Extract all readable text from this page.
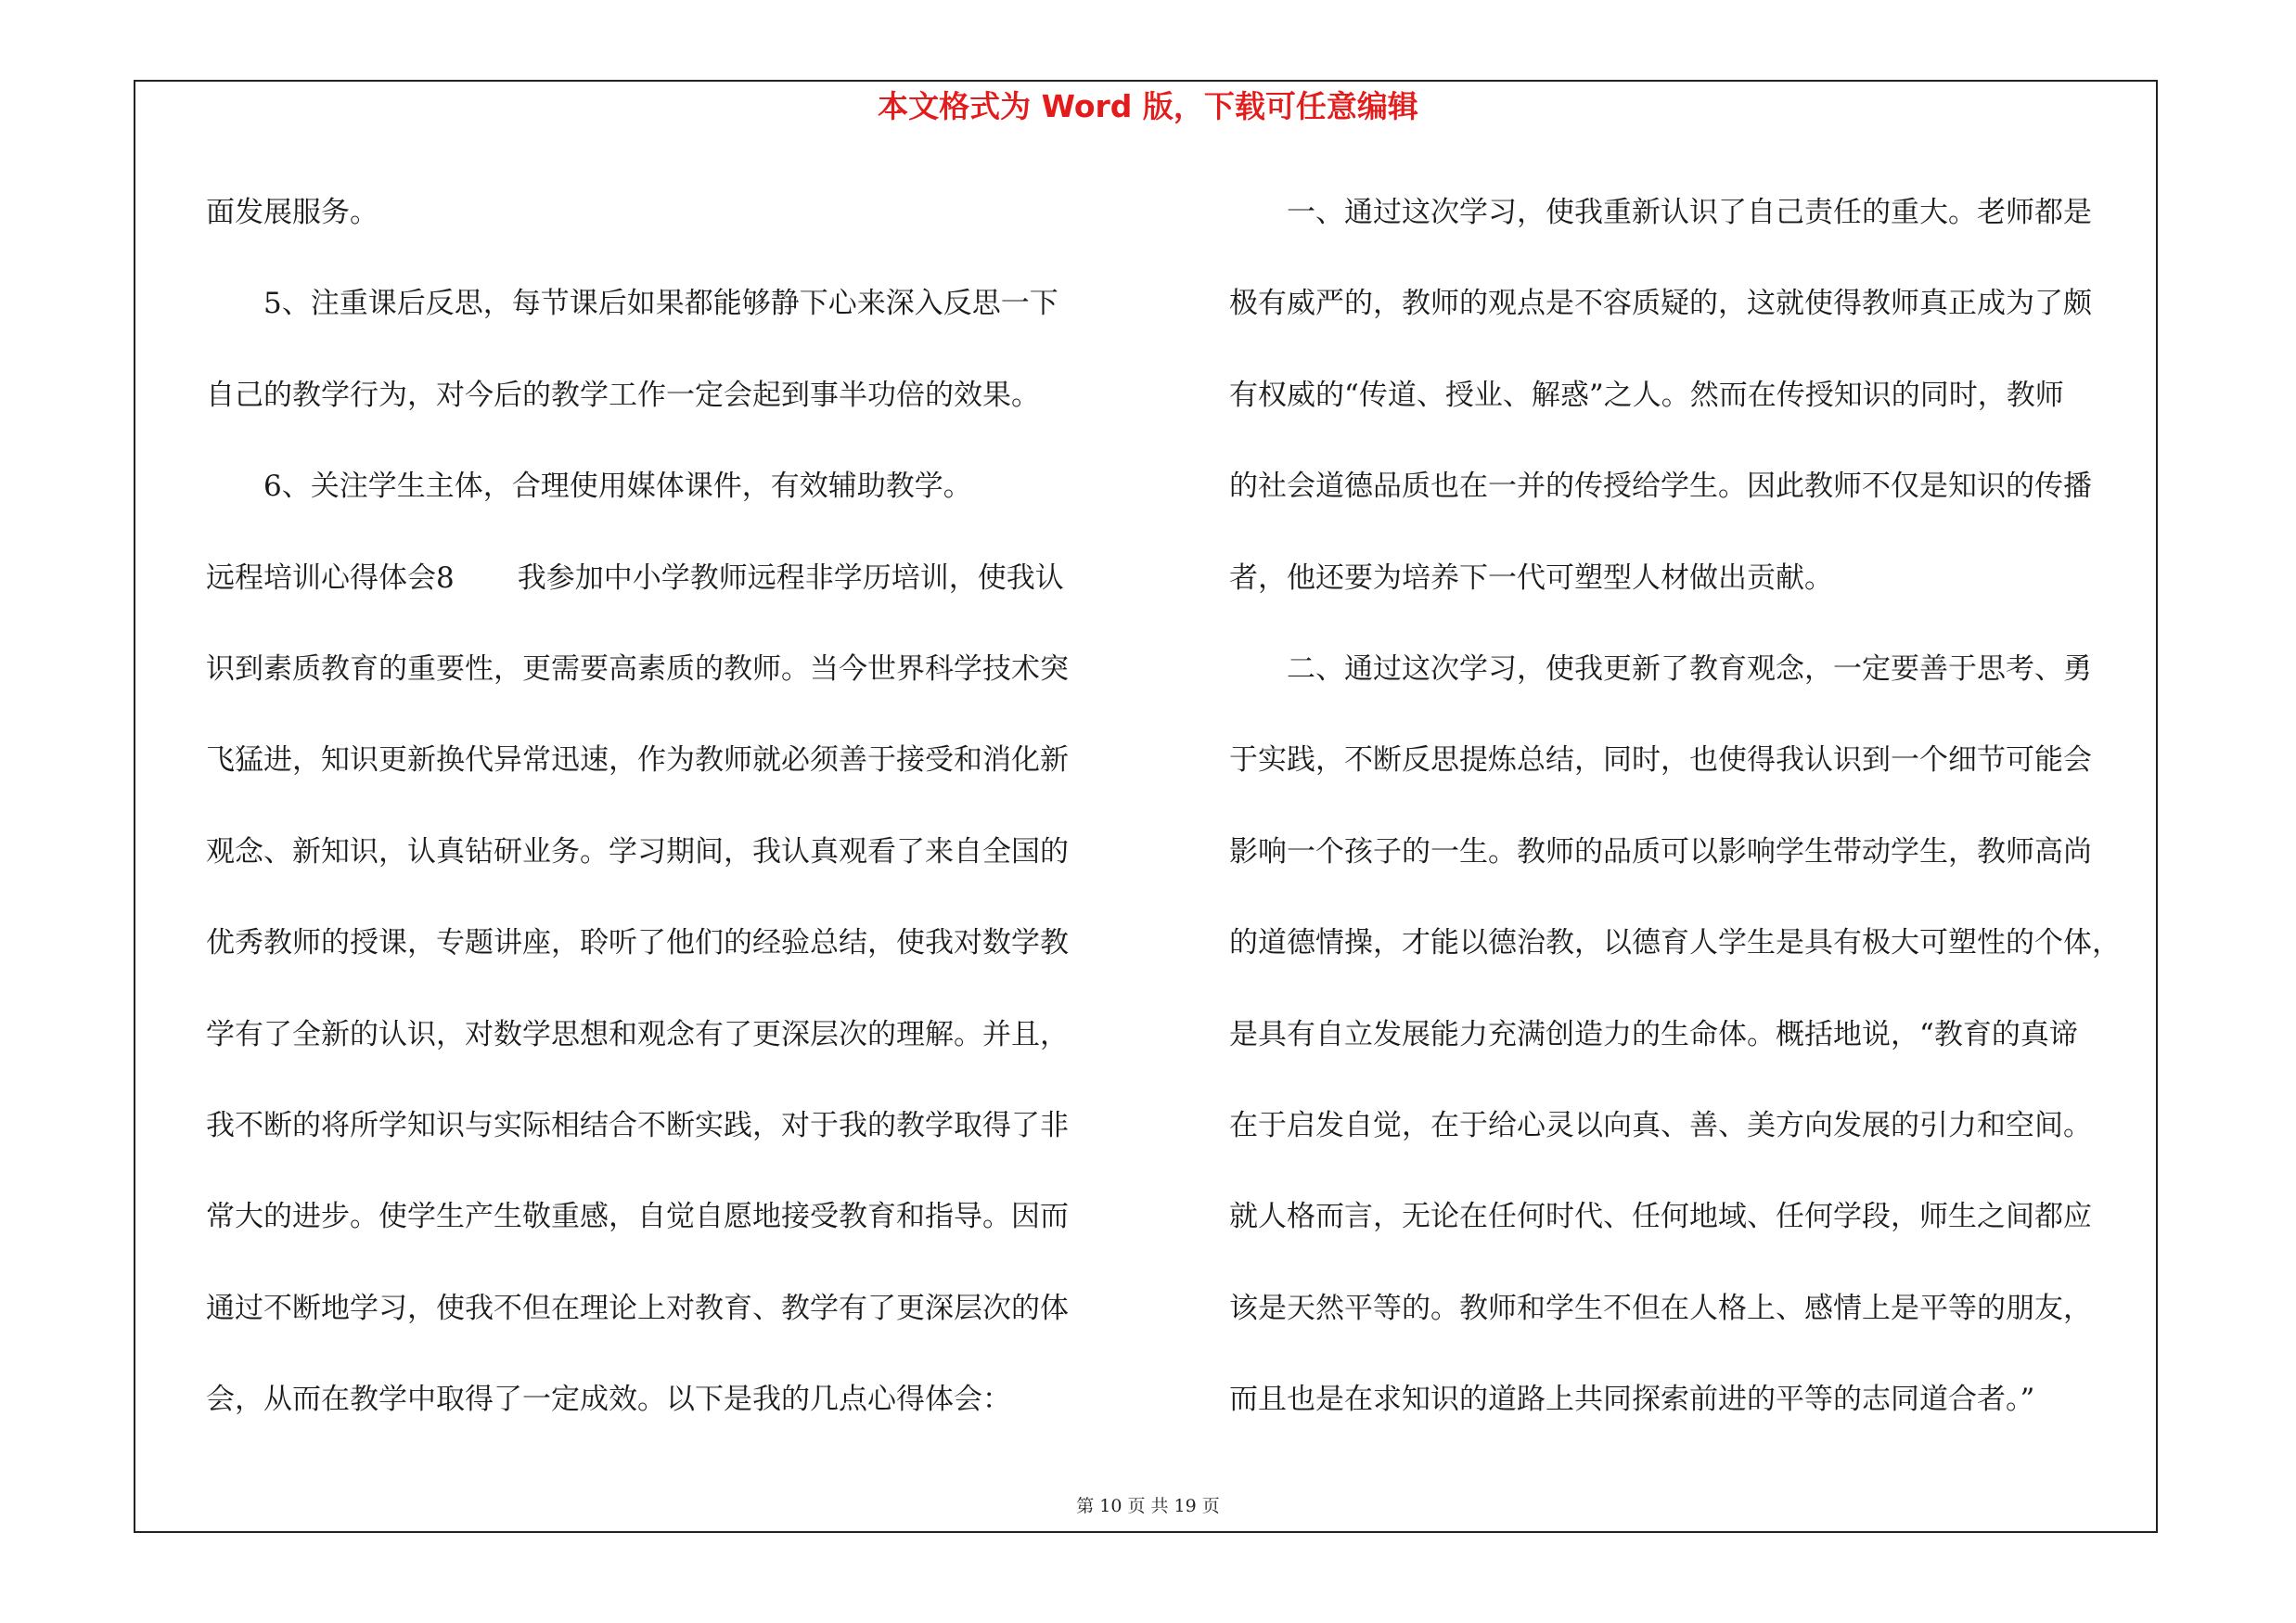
本文格式为 Word 版，下载可任意编辑
面发展服务。
5、注重课后反思，每节课后如果都能够静下心来深入反思一下
自己的教学行为，对今后的教学工作一定会起到事半功倍的效果。
6、关注学生主体，合理使用媒体课件，有效辅助教学。
远程培训心得体会8 我参加中小学教师远程非学历培训，使我认
识到素质教育的重要性，更需要高素质的教师。当今世界科学技术突
飞猛进，知识更新换代异常迅速，作为教师就必须善于接受和消化新
观念、新知识，认真钻研业务。学习期间，我认真观看了来自全国的
优秀教师的授课，专题讲座，聆听了他们的经验总结，使我对数学教
学有了全新的认识，对数学思想和观念有了更深层次的理解。并且，
我不断的将所学知识与实际相结合不断实践，对于我的教学取得了非
常大的进步。使学生产生敬重感，自觉自愿地接受教育和指导。因而
通过不断地学习，使我不但在理论上对教育、教学有了更深层次的体
会，从而在教学中取得了一定成效。以下是我的几点心得体会：
一、通过这次学习，使我重新认识了自己责任的重大。老师都是
极有威严的，教师的观点是不容质疑的，这就使得教师真正成为了颇
有权威的“传道、授业、解惑”之人。然而在传授知识的同时，教师
的社会道德品质也在一并的传授给学生。因此教师不仅是知识的传播
者，他还要为培养下一代可塑型人材做出贡献。
二、通过这次学习，使我更新了教育观念，一定要善于思考、勇
于实践，不断反思提炼总结，同时，也使得我认识到一个细节可能会
影响一个孩子的一生。教师的品质可以影响学生带动学生，教师高尚
的道德情操，才能以德治教，以德育人学生是具有极大可塑性的个体，
是具有自立发展能力充满创造力的生命体。概括地说，“教育的真谛
在于启发自觉，在于给心灵以向真、善、美方向发展的引力和空间。
就人格而言，无论在任何时代、任何地域、任何学段，师生之间都应
该是天然平等的。教师和学生不但在人格上、感情上是平等的朋友，
而且也是在求知识的道路上共同探索前进的平等的志同道合者。”
第 10 页 共 19 页
